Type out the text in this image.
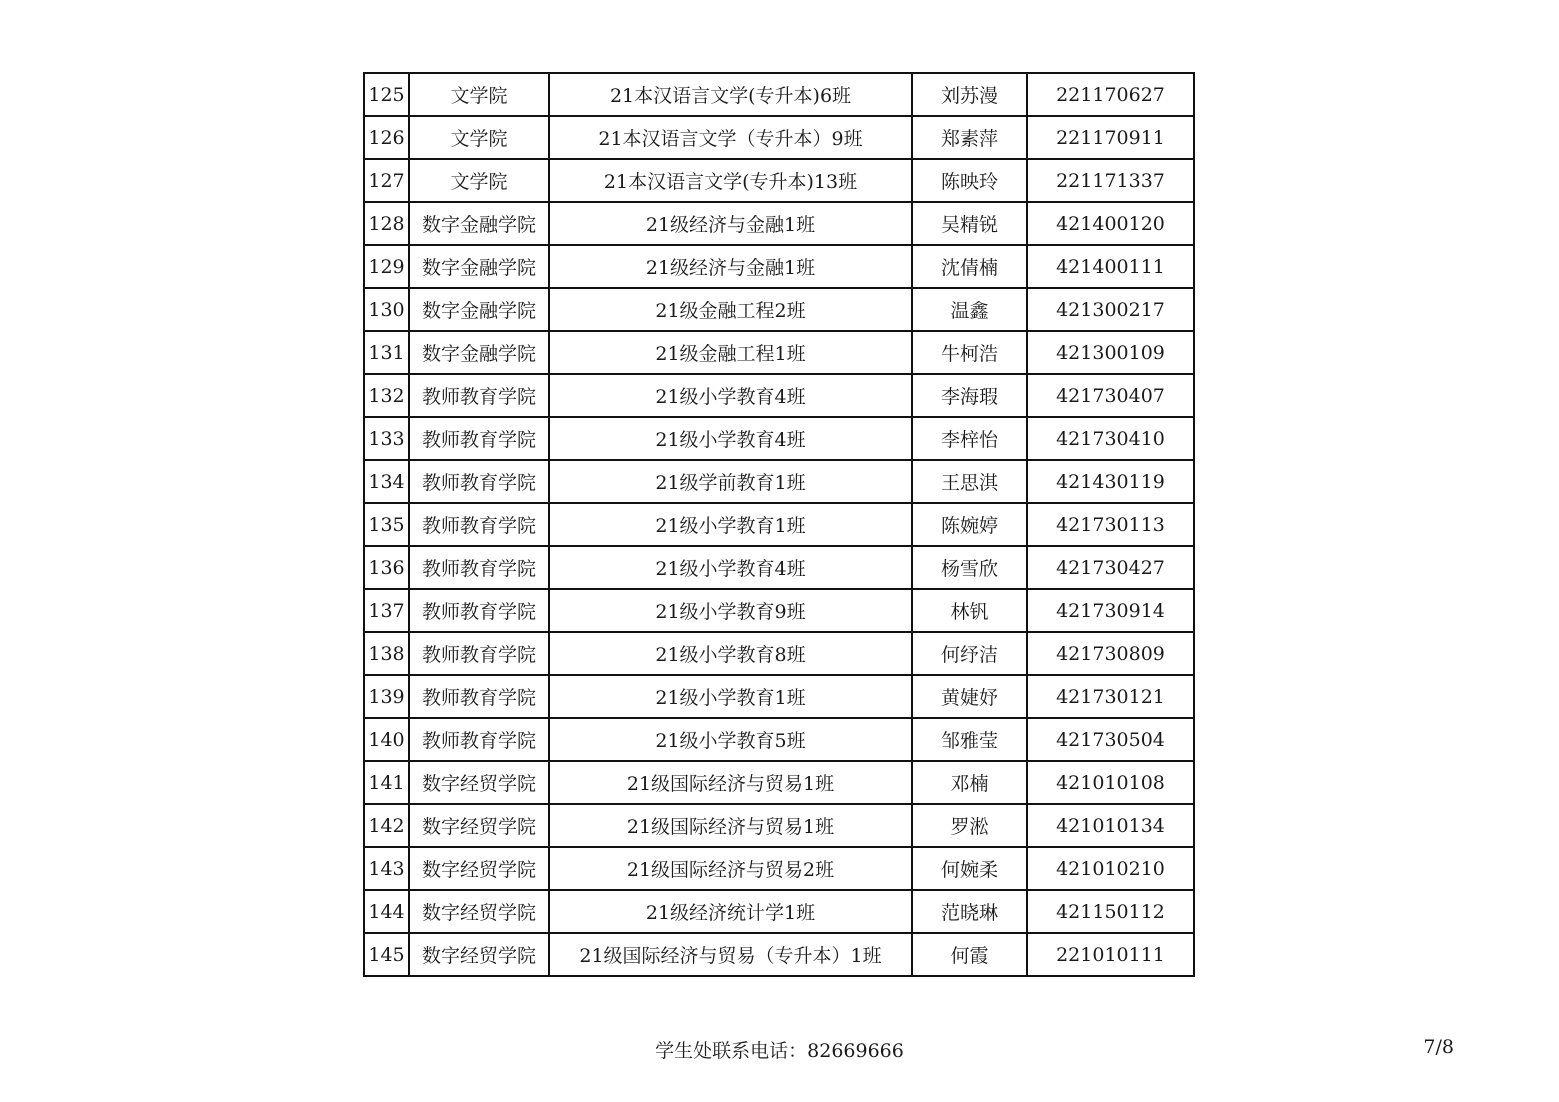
125	文学院	21本汉语言文学(专升本)6班	刘苏漫	221170627
126	文学院	21本汉语言文学（专升本）9班	郑素萍	221170911
127	文学院	21本汉语言文学(专升本)13班	陈映玲	221171337
128	数字金融学院	21级经济与金融1班	吴精锐	421400120
129	数字金融学院	21级经济与金融1班	沈倩楠	421400111
130	数字金融学院	21级金融工程2班	温鑫	421300217
131	数字金融学院	21级金融工程1班	牛柯浩	421300109
132	教师教育学院	21级小学教育4班	李海瑕	421730407
133	教师教育学院	21级小学教育4班	李梓怡	421730410
134	教师教育学院	21级学前教育1班	王思淇	421430119
135	教师教育学院	21级小学教育1班	陈婉婷	421730113
136	教师教育学院	21级小学教育4班	杨雪欣	421730427
137	教师教育学院	21级小学教育9班	林钒	421730914
138	教师教育学院	21级小学教育8班	何纾洁	421730809
139	教师教育学院	21级小学教育1班	黄婕妤	421730121
140	教师教育学院	21级小学教育5班	邹雅莹	421730504
141	数字经贸学院	21级国际经济与贸易1班	邓楠	421010108
142	数字经贸学院	21级国际经济与贸易1班	罗淞	421010134
143	数字经贸学院	21级国际经济与贸易2班	何婉柔	421010210
144	数字经贸学院	21级经济统计学1班	范晓琳	421150112
145	数字经贸学院	21级国际经济与贸易（专升本）1班	何霞	221010111
学生处联系电话：82669666	7/8
